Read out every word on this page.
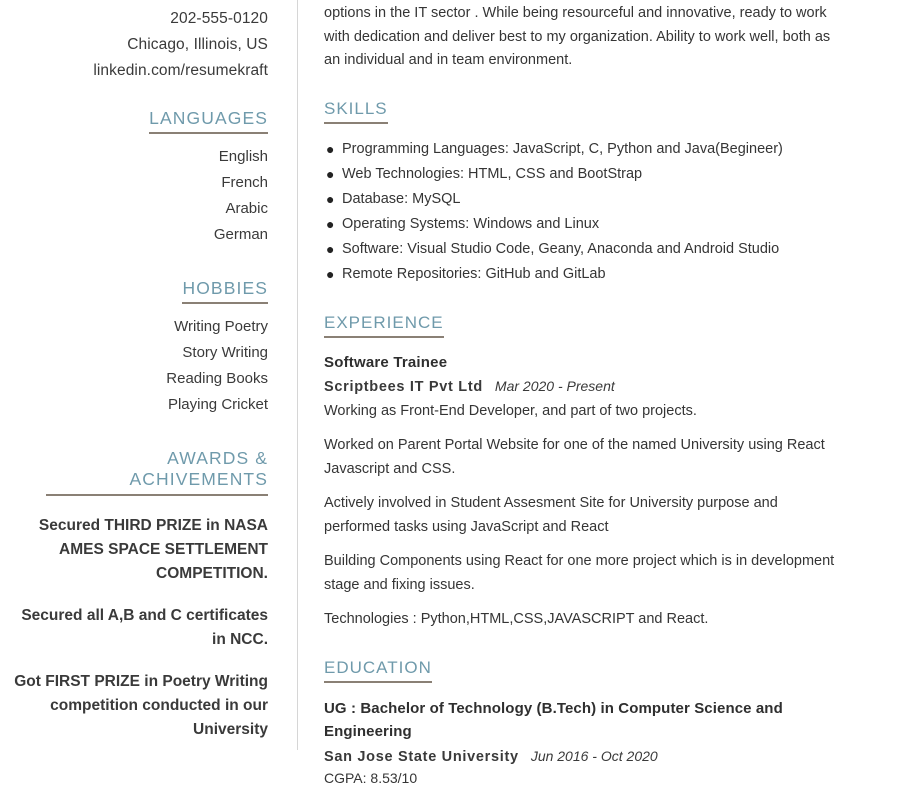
202-555-0120
Chicago, Illinois, US
linkedin.com/resumekraft
LANGUAGES
English
French
Arabic
German
HOBBIES
Writing Poetry
Story Writing
Reading Books
Playing Cricket
AWARDS &
ACHIVEMENTS
Secured THIRD PRIZE in NASA AMES SPACE SETTLEMENT COMPETITION.
Secured all A,B and C certificates in NCC.
Got FIRST PRIZE in Poetry Writing competition conducted in our University

options in the IT sector . While being resourceful and innovative, ready to work with dedication and deliver best to my organization. Ability to work well, both as an individual and in team environment.

SKILLS
● Programming Languages: JavaScript, C, Python and Java(Begineer)
● Web Technologies: HTML, CSS and BootStrap
● Database: MySQL
● Operating Systems: Windows and Linux
● Software: Visual Studio Code, Geany, Anaconda and Android Studio
● Remote Repositories: GitHub and GitLab
EXPERIENCE
Software Trainee
Scriptbees IT Pvt Ltd Mar 2020 - Present

Working as Front-End Developer, and part of two projects.

Worked on Parent Portal Website for one of the named University using React Javascript and CSS.

Actively involved in Student Assesment Site for University purpose and performed tasks using JavaScript and React

Building Components using React for one more project which is in development stage and fixing issues.

Technologies : Python,HTML,CSS,JAVASCRIPT and React.

EDUCATION
UG : Bachelor of Technology (B.Tech) in Computer Science and Engineering
San Jose State University Jun 2016 - Oct 2020
CGPA: 8.53/10
